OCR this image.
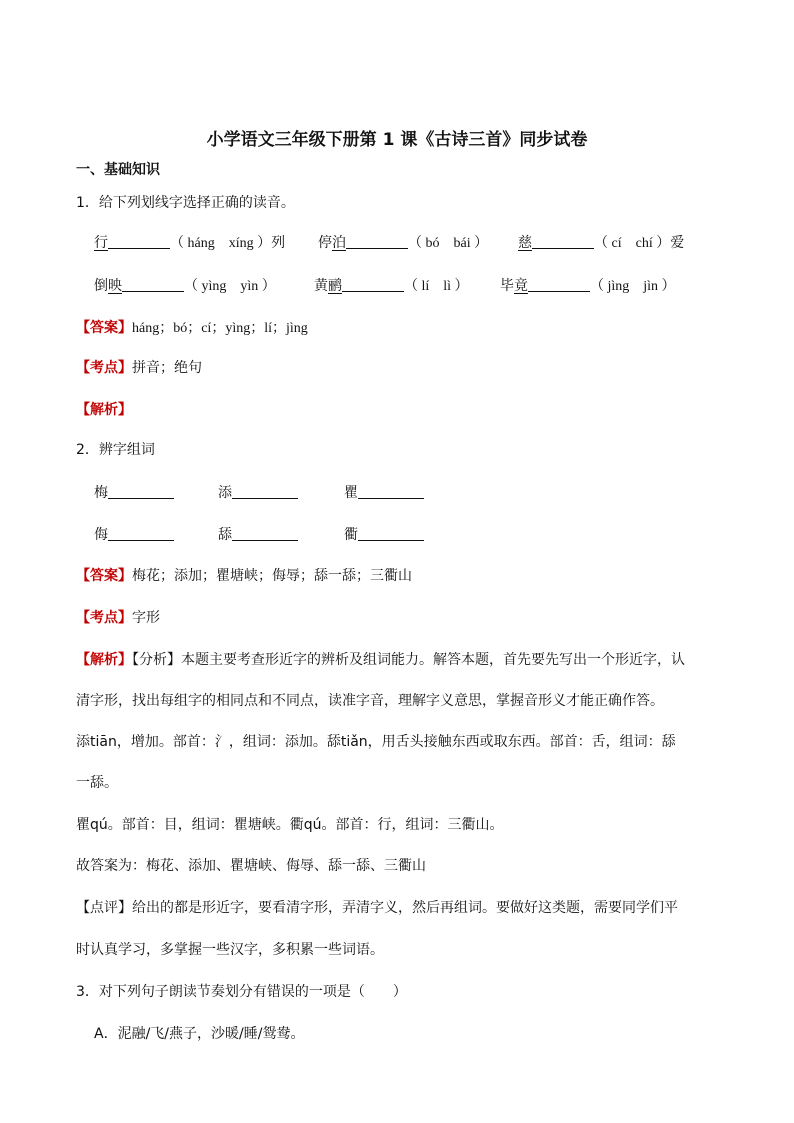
小学语文三年级下册第 1 课《古诗三首》同步试卷
一、基础知识
1．给下列划线字选择正确的读音。
行	（ háng　xíng ）列 停泊	（ bó　bái ） 慈	（ cí　chí ）爱
倒映	（ yìng　yìn ）	黄鹂	（ lí　lì ） 毕竟	（ jìng　jìn ）
【答案】háng；bó；cí；yìng；lí；jìng
【考点】拼音；绝句
【解析】
2．辨字组词
梅	添	瞿
侮	舔	衢
【答案】梅花；添加；瞿塘峡；侮辱；舔一舔；三衢山
【考点】字形
【解析】【分析】本题主要考查形近字的辨析及组词能力。解答本题，首先要先写出一个形近字，认
清字形，找出每组字的相同点和不同点，读准字音，理解字义意思，掌握音形义才能正确作答。
添tiān，增加。部首：氵，组词：添加。舔tiǎn，用舌头接触东西或取东西。部首：舌，组词：舔
一舔。
瞿qú。部首：目，组词：瞿塘峡。衢qú。部首：行，组词：三衢山。
故答案为：梅花、添加、瞿塘峡、侮辱、舔一舔、三衢山
【点评】给出的都是形近字，要看清字形，弄清字义，然后再组词。要做好这类题，需要同学们平
时认真学习，多掌握一些汉字，多积累一些词语。
3．对下列句子朗读节奏划分有错误的一项是（　　）
A．泥融/飞/燕子，沙暖/睡/鸳鸯。
